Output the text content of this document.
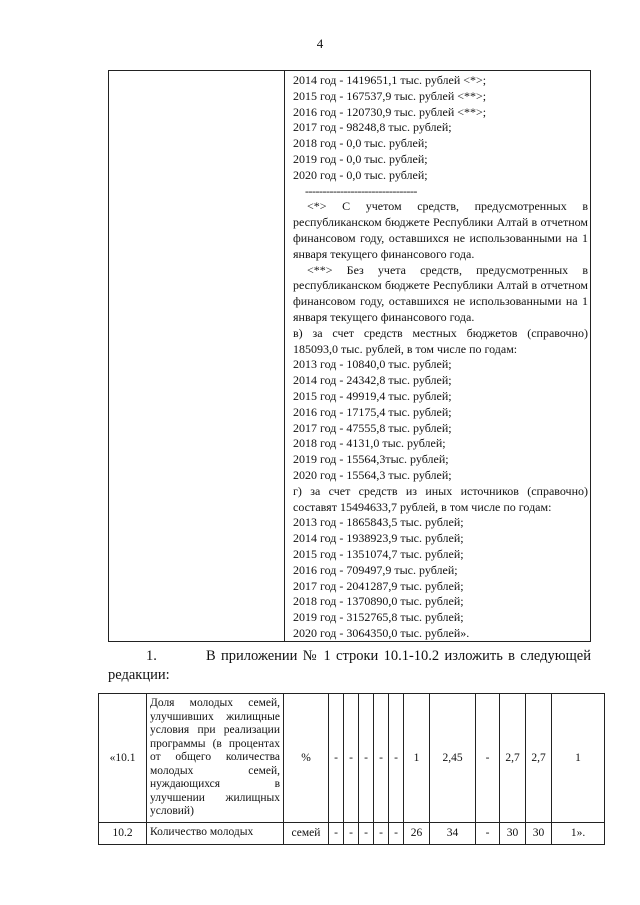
4
2014 год - 1419651,1 тыс. рублей <*>;
2015 год - 167537,9 тыс. рублей <**>;
2016 год - 120730,9 тыс. рублей <**>;
2017 год - 98248,8 тыс. рублей;
2018 год - 0,0 тыс. рублей;
2019 год - 0,0 тыс. рублей;
2020 год - 0,0 тыс. рублей;
--------------------------------
<*> С учетом средств, предусмотренных в республиканском бюджете Республики Алтай в отчетном финансовом году, оставшихся не использованными на 1 января текущего финансового года.
<**> Без учета средств, предусмотренных в республиканском бюджете Республики Алтай в отчетном финансовом году, оставшихся не использованными на 1 января текущего финансового года.
в) за счет средств местных бюджетов (справочно) 185093,0 тыс. рублей, в том числе по годам:
2013 год - 10840,0 тыс. рублей;
2014 год - 24342,8 тыс. рублей;
2015 год - 49919,4 тыс. рублей;
2016 год - 17175,4 тыс. рублей;
2017 год - 47555,8 тыс. рублей;
2018 год - 4131,0 тыс. рублей;
2019 год - 15564,3тыс. рублей;
2020 год - 15564,3 тыс. рублей;
г) за счет средств из иных источников (справочно) составят 15494633,7 рублей, в том числе по годам:
2013 год - 1865843,5 тыс. рублей;
2014 год - 1938923,9 тыс. рублей;
2015 год - 1351074,7 тыс. рублей;
2016 год - 709497,9 тыс. рублей;
2017 год - 2041287,9 тыс. рублей;
2018 год - 1370890,0 тыс. рублей;
2019 год - 3152765,8 тыс. рублей;
2020 год - 3064350,0 тыс. рублей».
1.	В приложении № 1 строки 10.1-10.2 изложить в следующей
редакции:
«10.1	Доля молодых семей, улучшивших жилищные условия при реализации программы (в процентах от общего количества молодых семей, нуждающихся в улучшении жилищных условий)	%	-	-	-	-	-	1	2,45	-	2,7	2,7	1
10.2	Количество молодых	семей	-	-	-	-	-	26	34	-	30	30	1».
